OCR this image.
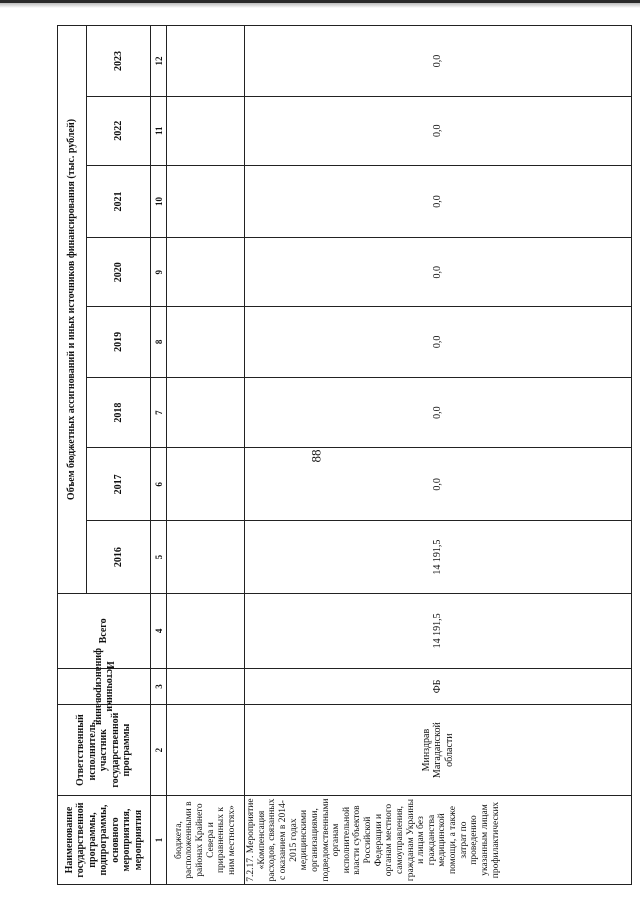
88
Наименование государственной программы, подпрограммы, основного мероприятия, мероприятия	Ответственный исполнитель, участник государственной программы	Источники финансирования	Всего	Объем бюджетных ассигнований и иных источников финансирования (тыс. рублей)							
				2016	2017	2018	2019	2020	2021	2022	2023
1	2	3	4	5	6	7	8	9	10	11	12
бюджета, расположенными в районах Крайнего Севера и приравненных к ним местностях»											
7.2.17. Мероприятие «Компенсация расходов, связанных с оказанием в 2014-2015 годах медицинскими организациями, подведомственными органам исполнительной власти субъектов Российской Федерации и органам местного самоуправления, гражданам Украины и лицам без гражданства медицинской помощи, а также затрат по проведению указанным лицам профилактических	Минздрав Магаданской области	ФБ	14 191,5	14 191,5	0,0	0,0	0,0	0,0	0,0	0,0	0,0
